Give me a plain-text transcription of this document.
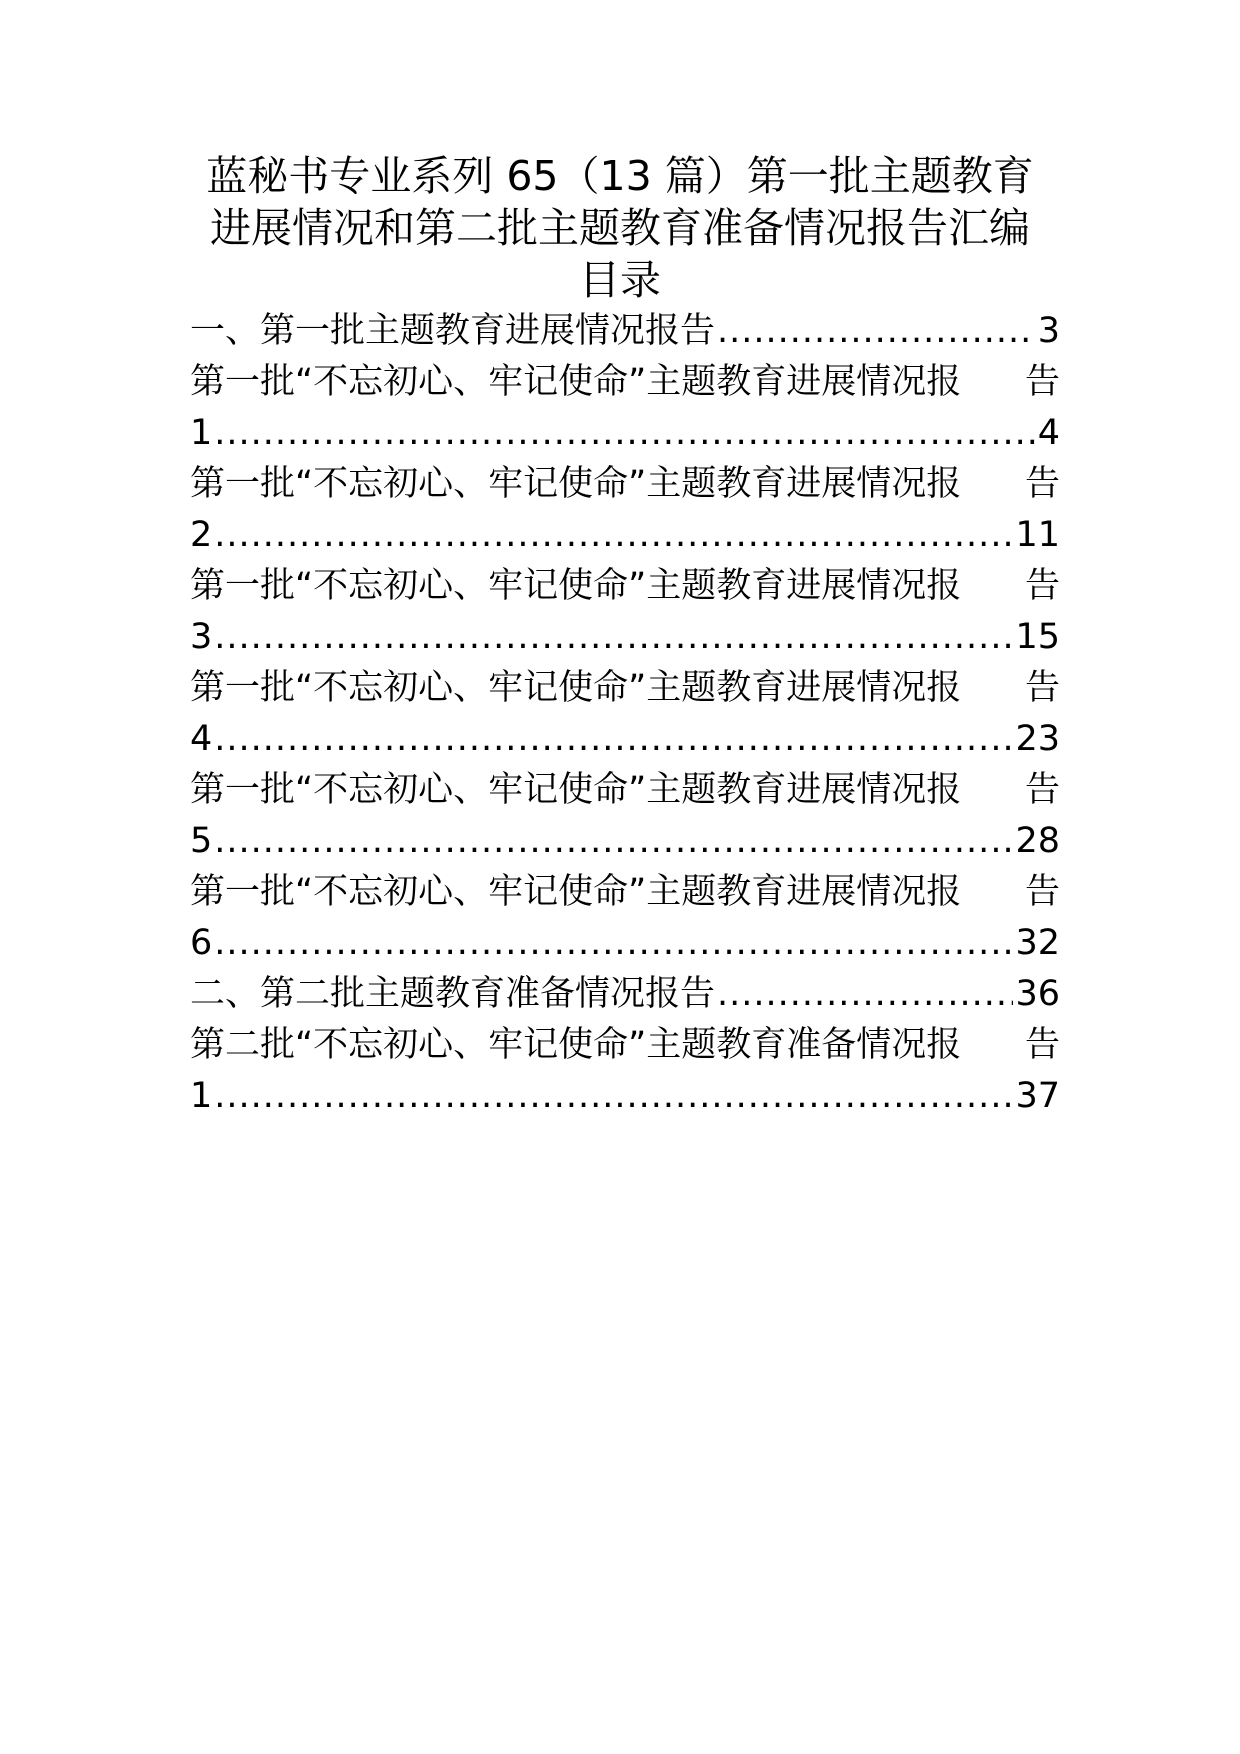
蓝秘书专业系列 65（13 篇）第一批主题教育
进展情况和第二批主题教育准备情况报告汇编
目录
一、第一批主题教育进展情况报告 .....	3
第一批“不忘初心、牢记使命”主题教育进展情况报 告
1 .....	4
第一批“不忘初心、牢记使命”主题教育进展情况报 告
2 .....	11
第一批“不忘初心、牢记使命”主题教育进展情况报 告
3 .....	15
第一批“不忘初心、牢记使命”主题教育进展情况报 告
4 .....	23
第一批“不忘初心、牢记使命”主题教育进展情况报 告
5 .....	28
第一批“不忘初心、牢记使命”主题教育进展情况报 告
6 .....	32
二、第二批主题教育准备情况报告 .....	36
第二批“不忘初心、牢记使命”主题教育准备情况报 告
1 .....	37
